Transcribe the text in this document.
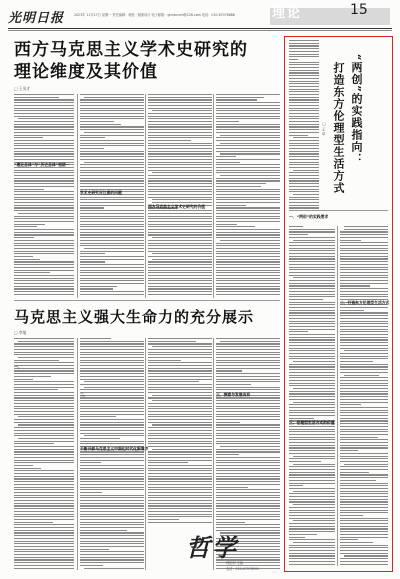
光明日报	2023年 11月27日 星期一 责任编辑：理论 · 版面设计 电子邮箱：gmrbcuml@126.com 电话：010-67078888	理论	15
西方马克思主义学术史研究的
理论维度及其价值
□ 王凤才
“理论总体”与“历史总体”相统一
学术史研究应注意的问题
西方马克思主义学术史研究的价值
马克思主义强大生命力的充分展示
□ 李旭
一、
二、	三、探索与发展具有
不断开辟马克思主义中国化时代化新境界
哲学
理论部 主编
电话：010-67078999
“两创”的实践指向：
打造东方伦理型生活方式
□ 王 卓
一、“两创”的实践要求
二、打造东方伦理型生活方式
三、伦理型生活方式的价值
